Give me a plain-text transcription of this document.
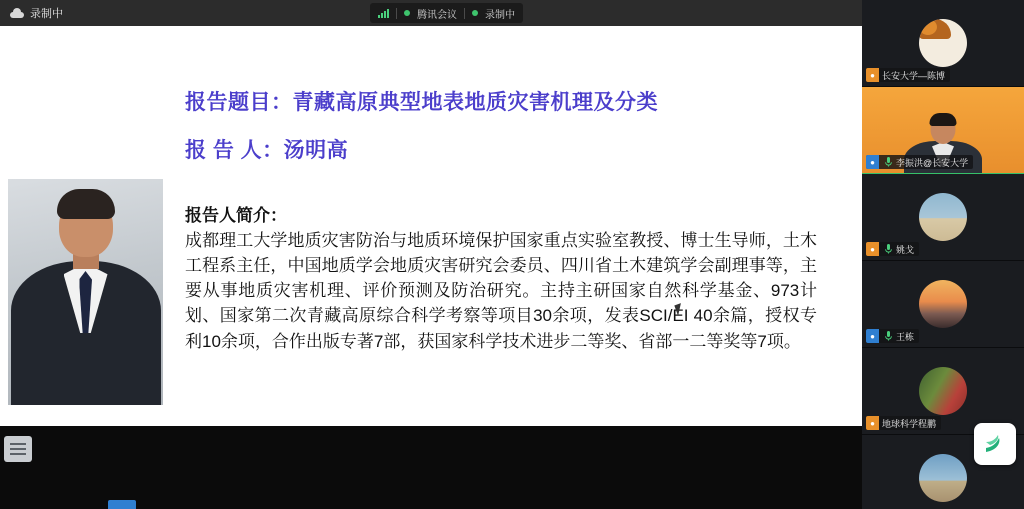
录制中	腾讯会议	录制中
报告题目：青藏高原典型地表地质灾害机理及分类
报 告 人：汤明高
报告人简介：
成都理工大学地质灾害防治与地质环境保护国家重点实验室教授、博士生导师，土木工程系主任，中国地质学会地质灾害研究会委员、四川省土木建筑学会副理事等，主要从事地质灾害机理、评价预测及防治研究。主持主研国家自然科学基金、973计划、国家第二次青藏高原综合科学考察等项目30余项，发表SCI/EI 40余篇，授权专利10余项，合作出版专著7部，获国家科学技术进步二等奖、省部一二等奖等7项。
● 长安大学—陈博
●	李振洪@长安大学
●	姚戈
●	王栋
● 地球科学程鹏
